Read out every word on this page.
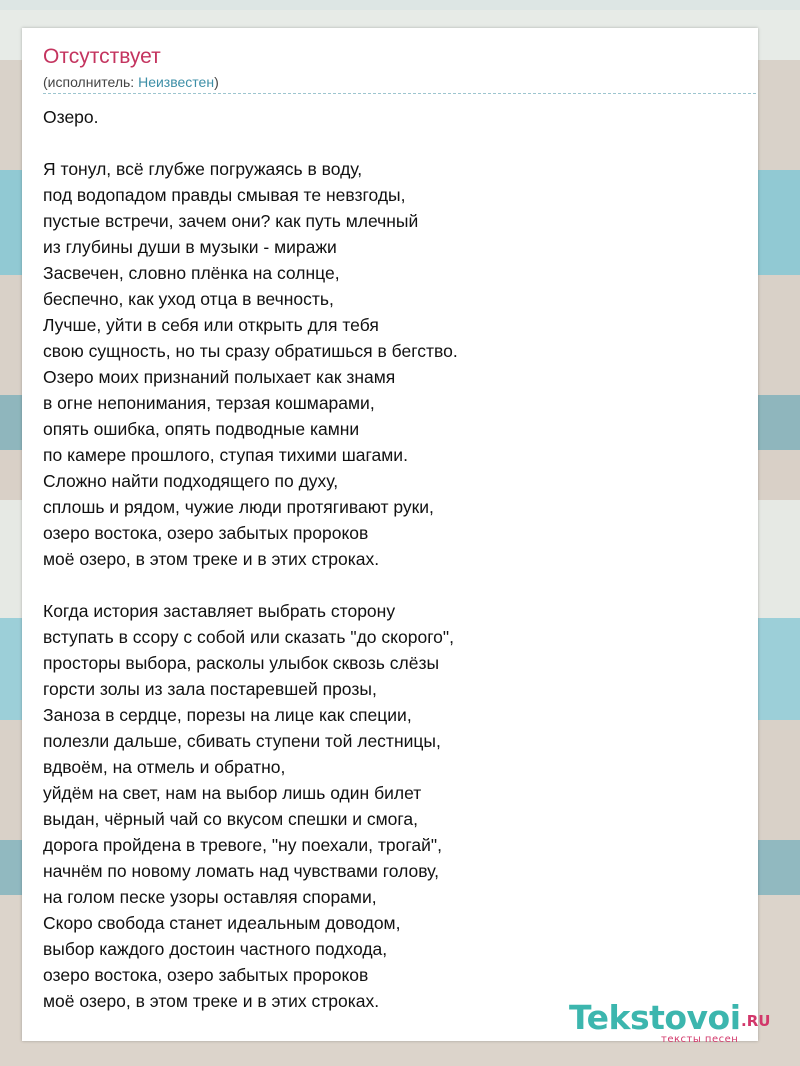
Отсутствует
(исполнитель: Неизвестен)
Озеро.

Я тонул, всё глубже погружаясь в воду,
под водопадом правды смывая те невзгоды,
пустые встречи, зачем они? как путь млечный
из глубины души в музыки - миражи
Засвечен, словно плёнка на солнце,
беспечно, как уход отца в вечность,
Лучше, уйти в себя или открыть для тебя
свою сущность, но ты сразу обратишься в бегство.
Озеро моих признаний полыхает как знамя
в огне непонимания, терзая кошмарами,
опять ошибка, опять подводные камни
по камере прошлого, ступая тихими шагами.
Сложно найти подходящего по духу,
сплошь и рядом, чужие люди протягивают руки,
озеро востока, озеро забытых пророков
моё озеро, в этом треке и в этих строках.

Когда история заставляет выбрать сторону
вступать в ссору с собой или сказать "до скорого",
просторы выбора, расколы улыбок сквозь слёзы
горсти золы из зала постаревшей прозы,
Заноза в сердце, порезы на лице как специи,
полезли дальше, сбивать ступени той лестницы,
вдвоём, на отмель и обратно,
уйдём на свет, нам на выбор лишь один билет
выдан, чёрный чай со вкусом спешки и смога,
дорога пройдена в тревоге, "ну поехали, трогай",
начнём по новому ломать над чувствами голову,
на голом песке узоры оставляя спорами,
Скоро свобода станет идеальным доводом,
выбор каждого достоин частного подхода,
озеро востока, озеро забытых пророков
моё озеро, в этом треке и в этих строках.	Tekstovoi .RU
тексты песен
